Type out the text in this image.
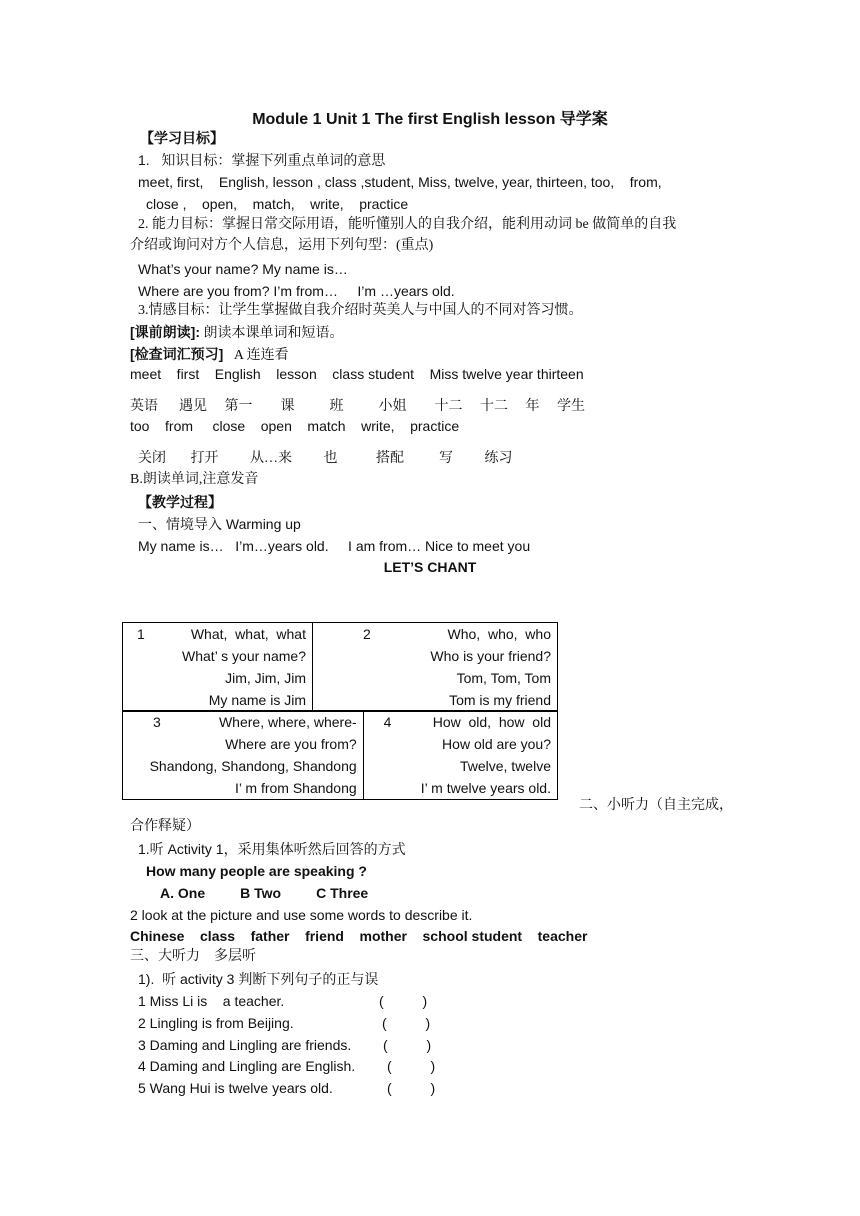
Module 1 Unit 1 The first English lesson 导学案
【学习目标】
1.   知识目标：掌握下列重点单词的意思
meet, first,    English, lesson , class ,student, Miss, twelve, year, thirteen, too,    from,
close ,    open,    match,    write,    practice
2. 能力目标：掌握日常交际用语，能听懂别人的自我介绍，能利用动词 be 做简单的自我
介绍或询问对方个人信息，运用下列句型：(重点)
What’s your name? My name is…
Where are you from? I’m from…     I’m …years old.
3.情感目标：让学生掌握做自我介绍时英美人与中国人的不同对答习惯。
[课前朗读]: 朗读本课单词和短语。
[检查词汇预习]   A 连连看
meet    first    English    lesson    class student    Miss twelve year thirteen
英语      遇见     第一        课          班          小姐        十二     十二     年     学生
too    from     close    open    match    write,    practice
关闭       打开         从…来         也           搭配          写         练习
B.朗读单词,注意发音
【教学过程】
一、情境导入 Warming up
My name is…   I’m…years old.     I am from… Nice to meet you
LET’S CHANT
1	What,  what,  what
What’ s your name?
Jim, Jim, Jim
My name is Jim

2	Who,  who,  who
Who is your friend?
Tom, Tom, Tom
Tom is my friend
3	Where, where, where-
Where are you from?
Shandong, Shandong, Shandong
I’ m from Shandong

4	How  old,  how  old
How old are you?
Twelve, twelve
I’ m twelve years old.
二、小听力（自主完成，
合作释疑）
1.听 Activity 1，采用集体听然后回答的方式
How many people are speaking ?
A. One         B Two         C Three
2 look at the picture and use some words to describe it.
Chinese    class    father    friend    mother    school student    teacher
三、大听力    多层听
1).  听 activity 3 判断下列句子的正与误
1 Miss Li is    a teacher.	(          )
2 Lingling is from Beijing.	(          )
3 Daming and Lingling are friends. (          )
4 Daming and Lingling are English. (          )
5 Wang Hui is twelve years old.	(          )
